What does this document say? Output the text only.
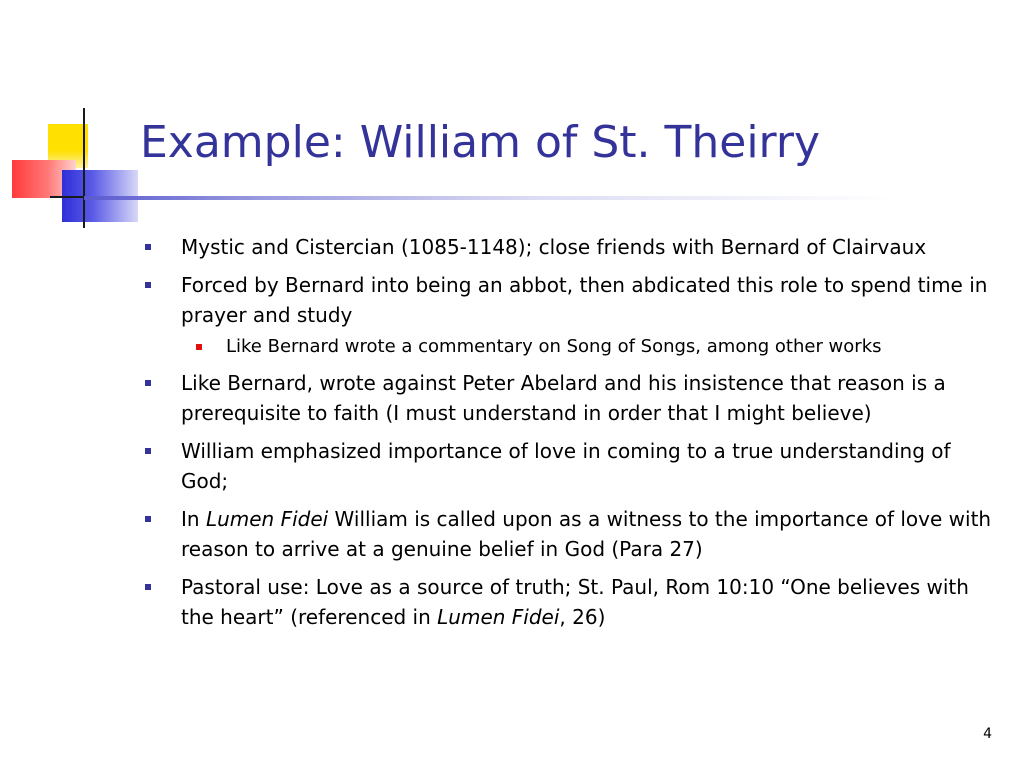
Example: William of St. Theirry
Mystic and Cistercian (1085-1148); close friends with Bernard of Clairvaux
Forced by Bernard into being an abbot, then abdicated this role to spend time in prayer and study
Like Bernard wrote a commentary on Song of Songs, among other works
Like Bernard, wrote against Peter Abelard and his insistence that reason is a prerequisite to faith (I must understand in order that I might believe)
William emphasized importance of love in coming to a true understanding of God;
In Lumen Fidei William is called upon as a witness to the importance of love with reason to arrive at a genuine belief in God (Para 27)
Pastoral use: Love as a source of truth; St. Paul, Rom 10:10 “One believes with the heart” (referenced in Lumen Fidei, 26)
4
